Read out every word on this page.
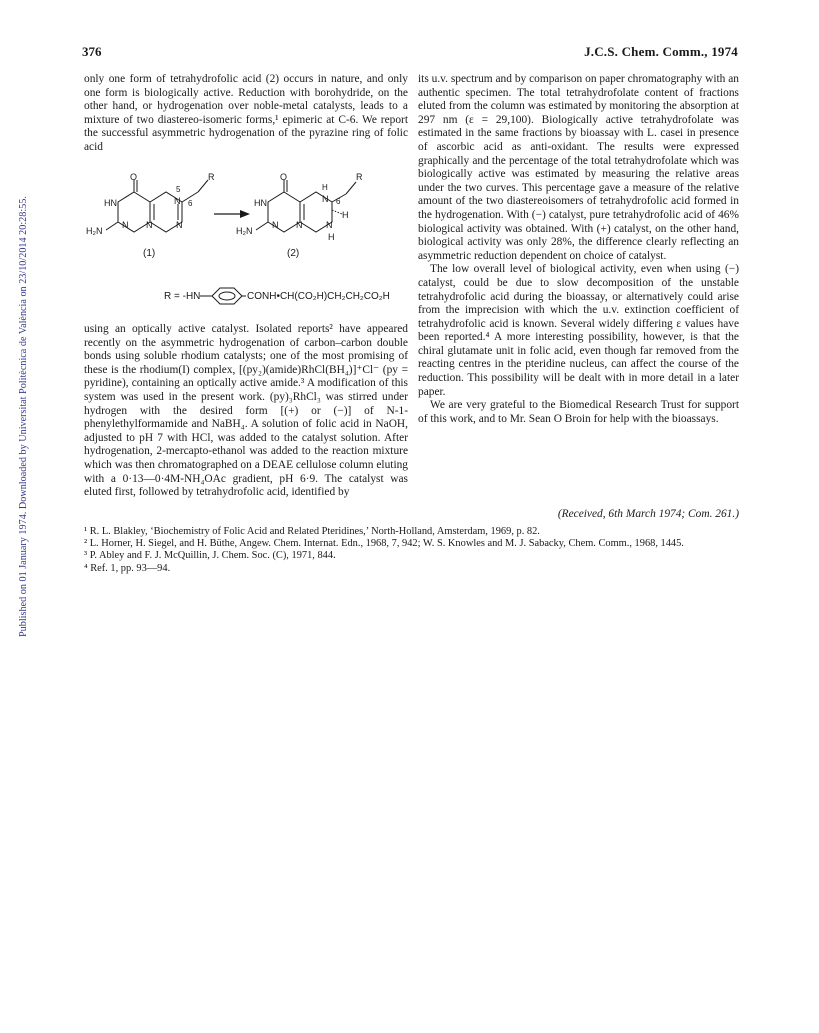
Published on 01 January 1974. Downloaded by Universitat Politècnica de València on 23/10/2014 20:28:55.
376	J.C.S. Chem. Comm., 1974

only one form of tetrahydrofolic acid (2) occurs in nature, and only one form is biologically active. Reduction with borohydride, on the other hand, or hydrogenation over noble-metal catalysts, leads to a mixture of two diastereo-isomeric forms,¹ epimeric at C-6. We report the successful asymmetric hydrogenation of the pyrazine ring of folic acid

O	R
5
N 6
HN
N	N
H₂N
N
O	R
H
N 6
H
HN
N	N
H
H₂N
N
(1)	(2)
R = -HN	CONH•CH(CO₂H)CH₂CH₂CO₂H

using an optically active catalyst. Isolated reports² have appeared recently on the asymmetric hydrogenation of carbon–carbon double bonds using soluble rhodium catalysts; one of the most promising of these is the rhodium(I) complex, [(py₂)(amide)RhCl(BH₄)]⁺Cl⁻ (py = pyridine), containing an optically active amide.³ A modification of this system was used in the present work. (py)₃RhCl₃ was stirred under hydrogen with the desired form [(+) or (−)] of N-1-phenylethylformamide and NaBH₄. A solution of folic acid in NaOH, adjusted to pH 7 with HCl, was added to the catalyst solution. After hydrogenation, 2-mercapto-ethanol was added to the reaction mixture which was then chromatographed on a DEAE cellulose column eluting with a 0·13—0·4M-NH₄OAc gradient, pH 6·9. The catalyst was eluted first, followed by tetrahydrofolic acid, identified by

its u.v. spectrum and by comparison on paper chromatography with an authentic specimen. The total tetrahydrofolate content of fractions eluted from the column was estimated by monitoring the absorption at 297 nm (ε = 29,100). Biologically active tetrahydrofolate was estimated in the same fractions by bioassay with L. casei in presence of ascorbic acid as anti-oxidant. The results were expressed graphically and the percentage of the total tetrahydrofolate which was biologically active was estimated by measuring the relative areas under the two curves. This percentage gave a measure of the relative amount of the two diastereoisomers of tetrahydrofolic acid formed in the hydrogenation. With (−) catalyst, pure tetrahydrofolic acid of 46% biological activity was obtained. With (+) catalyst, on the other hand, biological activity was only 28%, the difference clearly reflecting an asymmetric reduction dependent on choice of catalyst.

The low overall level of biological activity, even when using (−) catalyst, could be due to slow decomposition of the unstable tetrahydrofolic acid during the bioassay, or alternatively could arise from the imprecision with which the u.v. extinction coefficient of tetrahydrofolic acid is known. Several widely differing ε values have been reported.⁴ A more interesting possibility, however, is that the chiral glutamate unit in folic acid, even though far removed from the reacting centres in the pteridine nucleus, can affect the course of the reduction. This possibility will be dealt with in more detail in a later paper.

We are very grateful to the Biomedical Research Trust for support of this work, and to Mr. Sean O Broin for help with the bioassays.

(Received, 6th March 1974; Com. 261.)
¹ R. L. Blakley, ‘Biochemistry of Folic Acid and Related Pteridines,’ North-Holland, Amsterdam, 1969, p. 82.
² L. Horner, H. Siegel, and H. Büthe, Angew. Chem. Internat. Edn., 1968, 7, 942; W. S. Knowles and M. J. Sabacky, Chem. Comm., 1968, 1445.
³ P. Abley and F. J. McQuillin, J. Chem. Soc. (C), 1971, 844.
⁴ Ref. 1, pp. 93—94.
